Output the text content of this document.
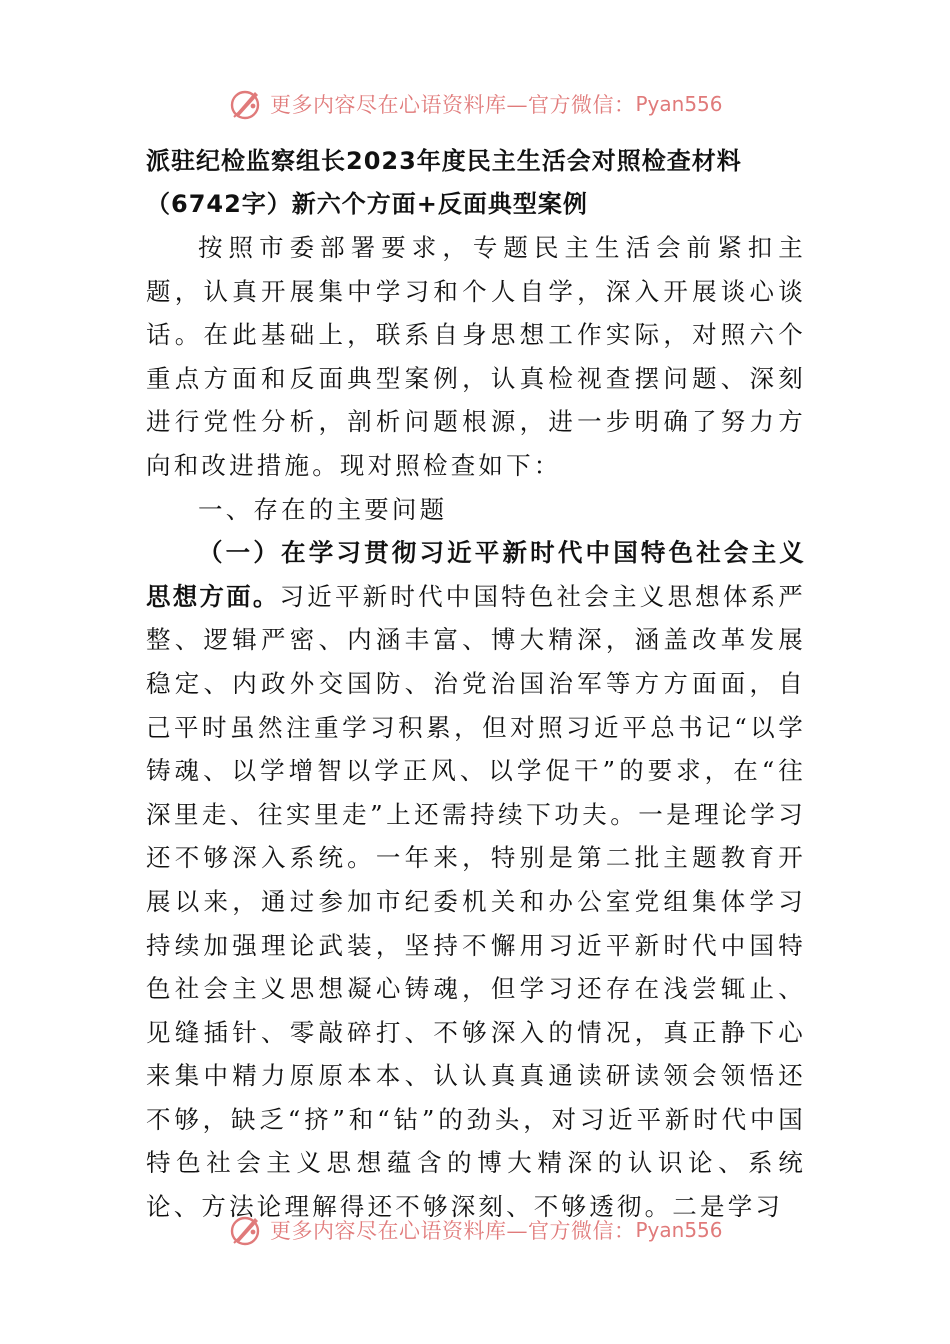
更多内容尽在心语资料库—官方微信： Pyan556

派驻纪检监察组长2023年度民主生活会对照检查材料

（6742字）新六个方面+反面典型案例

按照市委部署要求，专题民主生活会前紧扣主题，认真开展集中学习和个人自学，深入开展谈心谈话。在此基础上，联系自身思想工作实际，对照六个重点方面和反面典型案例，认真检视查摆问题、深刻进行党性分析，剖析问题根源，进一步明确了努力方向和改进措施。现对照检查如下：

一、存在的主要问题

（一）在学习贯彻习近平新时代中国特色社会主义思想方面。习近平新时代中国特色社会主义思想体系严整、逻辑严密、内涵丰富、博大精深，涵盖改革发展稳定、内政外交国防、治党治国治军等方方面面，自己平时虽然注重学习积累，但对照习近平总书记“以学铸魂、以学增智以学正风、以学促干”的要求，在“往深里走、往实里走”上还需持续下功夫。一是理论学习还不够深入系统。一年来，特别是第二批主题教育开展以来，通过参加市纪委机关和办公室党组集体学习持续加强理论武装，坚持不懈用习近平新时代中国特色社会主义思想凝心铸魂，但学习还存在浅尝辄止、见缝插针、零敲碎打、不够深入的情况，真正静下心来集中精力原原本本、认认真真通读研读领会领悟还不够，缺乏“挤”和“钻”的劲头，对习近平新时代中国特色社会主义思想蕴含的博大精深的认识论、系统论、方法论理解得还不够深刻、不够透彻。二是学习

更多内容尽在心语资料库—官方微信： Pyan556
